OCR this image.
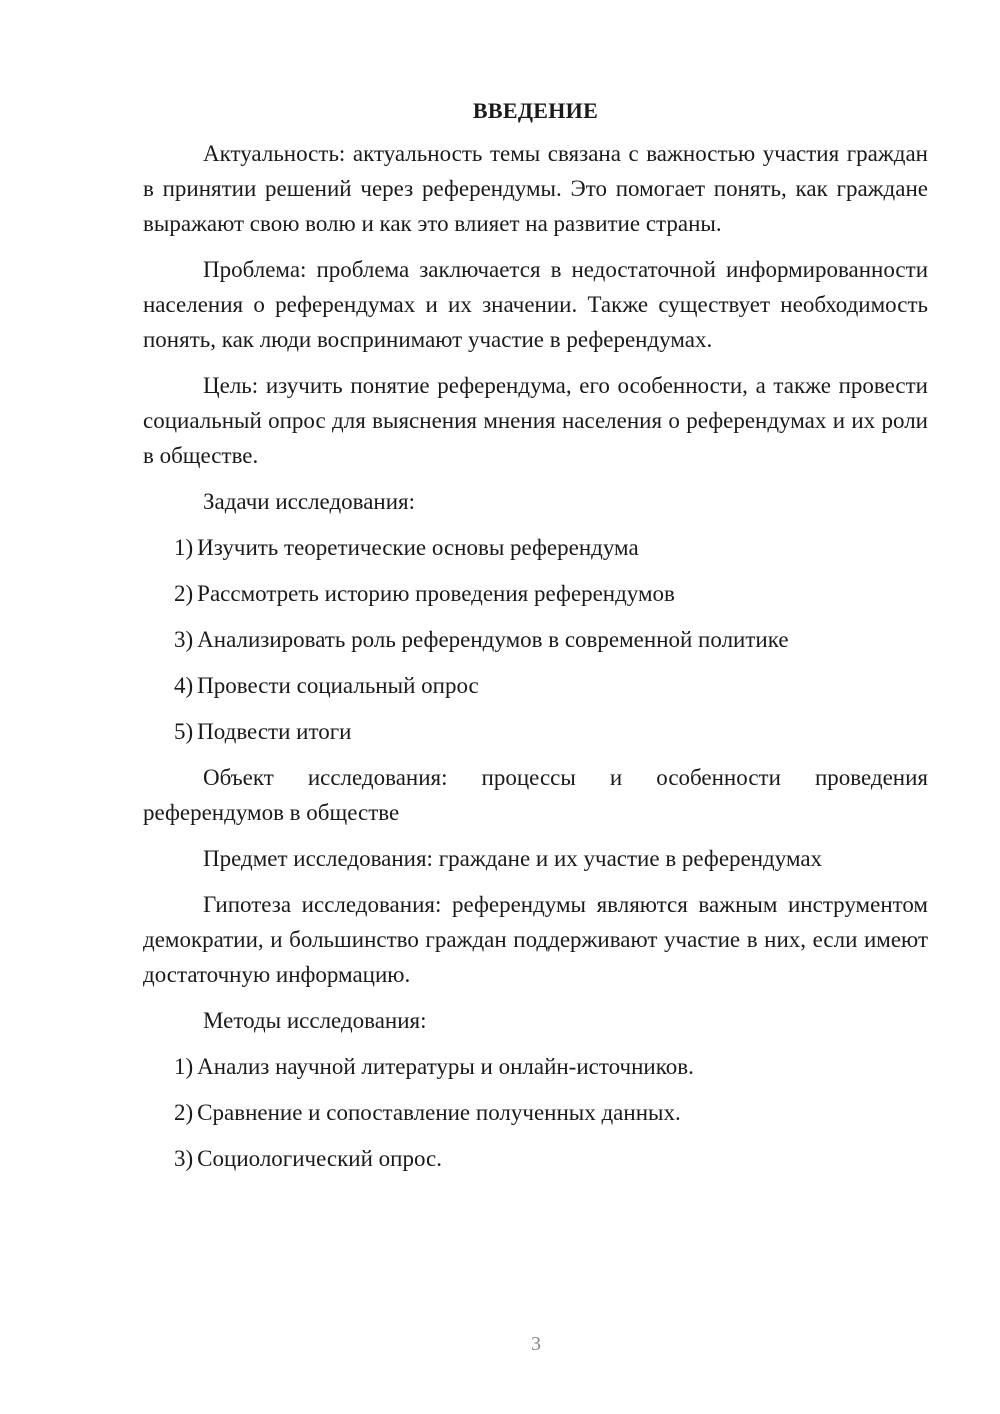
ВВЕДЕНИЕ

Актуальность: актуальность темы связана с важностью участия граждан в принятии решений через референдумы. Это помогает понять, как граждане выражают свою волю и как это влияет на развитие страны.

Проблема: проблема заключается в недостаточной информированности населения о референдумах и их значении. Также существует необходимость понять, как люди воспринимают участие в референдумах.

Цель: изучить понятие референдума, его особенности, а также провести социальный опрос для выяснения мнения населения о референдумах и их роли в обществе.

Задачи исследования:

1) Изучить теоретические основы референдума
2) Рассмотреть историю проведения референдумов
3) Анализировать роль референдумов в современной политике
4) Провести социальный опрос
5) Подвести итоги

Объект исследования: процессы и особенности проведения референдумов в обществе

Предмет исследования: граждане и их участие в референдумах

Гипотеза исследования: референдумы являются важным инструментом демократии, и большинство граждан поддерживают участие в них, если имеют достаточную информацию.

Методы исследования:

1) Анализ научной литературы и онлайн-источников.
2) Сравнение и сопоставление полученных данных.
3) Социологический опрос.
3
